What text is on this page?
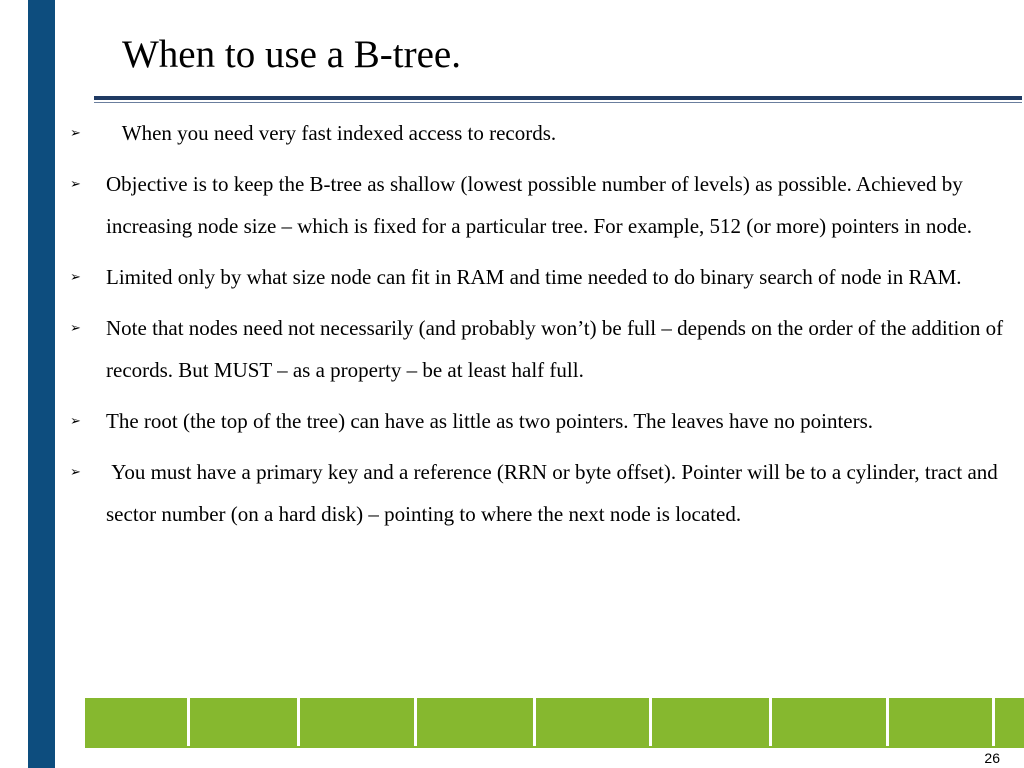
When to use a B-tree.
➢ When you need very fast indexed access to records.
➢ Objective is to keep the B-tree as shallow (lowest possible number of levels) as possible. Achieved by increasing node size – which is fixed for a particular tree. For example, 512 (or more) pointers in node.
➢ Limited only by what size node can fit in RAM and time needed to do binary search of node in RAM.
➢ Note that nodes need not necessarily (and probably won’t) be full – depends on the order of the addition of records. But MUST – as a property – be at least half full.
➢ The root (the top of the tree) can have as little as two pointers. The leaves have no pointers.
➢ You must have a primary key and a reference (RRN or byte offset). Pointer will be to a cylinder, tract and sector number (on a hard disk) – pointing to where the next node is located.
26
